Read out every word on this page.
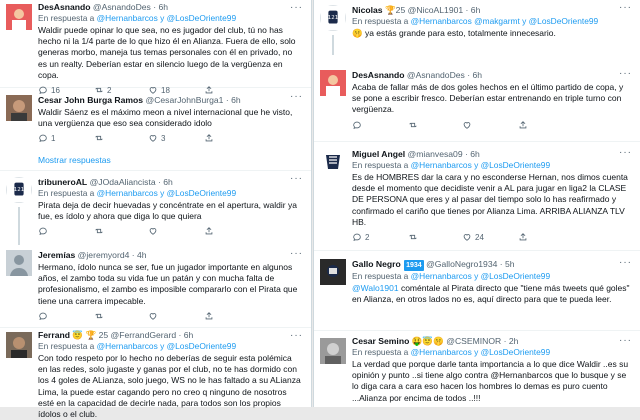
DesAsnando @AsnandoDes · 6h
En respuesta a @Hernanbarcos y @LosDeOriente99
Waldir puede opinar lo que sea, no es jugador del club, tú no has hecho ni la 1/4 parte de lo que hizo él en Alianza. Fuera de ello, solo generas morbo, maneja tus temas personales con él en privado, no es un realty. Deberían estar en silencio luego de la vergüenza en copa.
16	2	18
···
Cesar John Burga Ramos @CesarJohnBurga1 · 6h
Waldir Sáenz es el máximo meon a nivel internacional que he visto, una vergüenza que eso sea considerado idolo
1	3
···
Mostrar respuestas
121
tribuneroAL @JOdaAliancista · 6h
En respuesta a @Hernanbarcos y @LosDeOriente99
Pirata deja de decir huevadas y concéntrate en el apertura, waldir ya fue, es ídolo y ahora que diga lo que quiera
···
Jeremías @jeremyord4 · 4h
Hermano, ídolo nunca se ser, fue un jugador importante en algunos años, el zambo toda su vida fue un patán y con mucha falta de profesionalismo, el zambo es imposible compararlo con el Pirata que tiene una carrera impecable.
···
Ferrand 😇 🏆 25 @FerrandGerard · 6h
En respuesta a @Hernanbarcos y @LosDeOriente99
Con todo respeto por lo hecho no deberías de seguir esta polémica en las redes, solo jugaste y ganas por el club, no te has dormido con los 4 goles de ALianza, solo juego, WS no le has faltado a su ALianza Lima, la puede estar cagando pero no creo q ninguno de nosotros esté en la capacidad de decirle nada, para todos son los propios ídolos o el club.
···
121
Nicolas 🏆25 @NicoAL1901 · 6h
En respuesta a @Hernanbarcos @makgarmt y @LosDeOriente99
🤫 ya estás grande para esto, totalmente innecesario.
···
DesAsnando @AsnandoDes · 6h
Acaba de fallar más de dos goles hechos en el último partido de copa, y se pone a escribir fresco. Deberían estar entrenando en triple turno con vergüenza.
···
Miguel Angel @mianvesa09 · 6h
En respuesta a @Hernanbarcos y @LosDeOriente99
Es de HOMBRES dar la cara y no esconderse Hernan, nos dimos cuenta desde el momento que decidiste venir a AL para jugar en liga2 la CLASE DE PERSONA que eres y al pasar del tiempo solo lo has reafirmado y confirmado el cariño que tienes por Alianza Lima. ARRIBA ALIANZA TLV HB.
2	24
···
Gallo Negro 1934 @GalloNegro1934 · 5h
En respuesta a @Hernanbarcos y @LosDeOriente99
@Walo1901 coméntale al Pirata directo que "tiene más tweets qué goles" en Alianza, en otros lados no es, aquí directo para que te pueda leer.
···
Cesar Semino 🤑😇🤫 @CSEMINOR · 2h
En respuesta a @Hernanbarcos y @LosDeOriente99
La verdad que porque darle tanta importancia a lo que dice Waldir ..es su opinión y punto ..si tiene algo contra @Hernanbarcos que lo busque y se lo diga cara a cara eso hacen los hombres lo demas es puro cuento ...Alianza por encima de todos ..!!!
···
